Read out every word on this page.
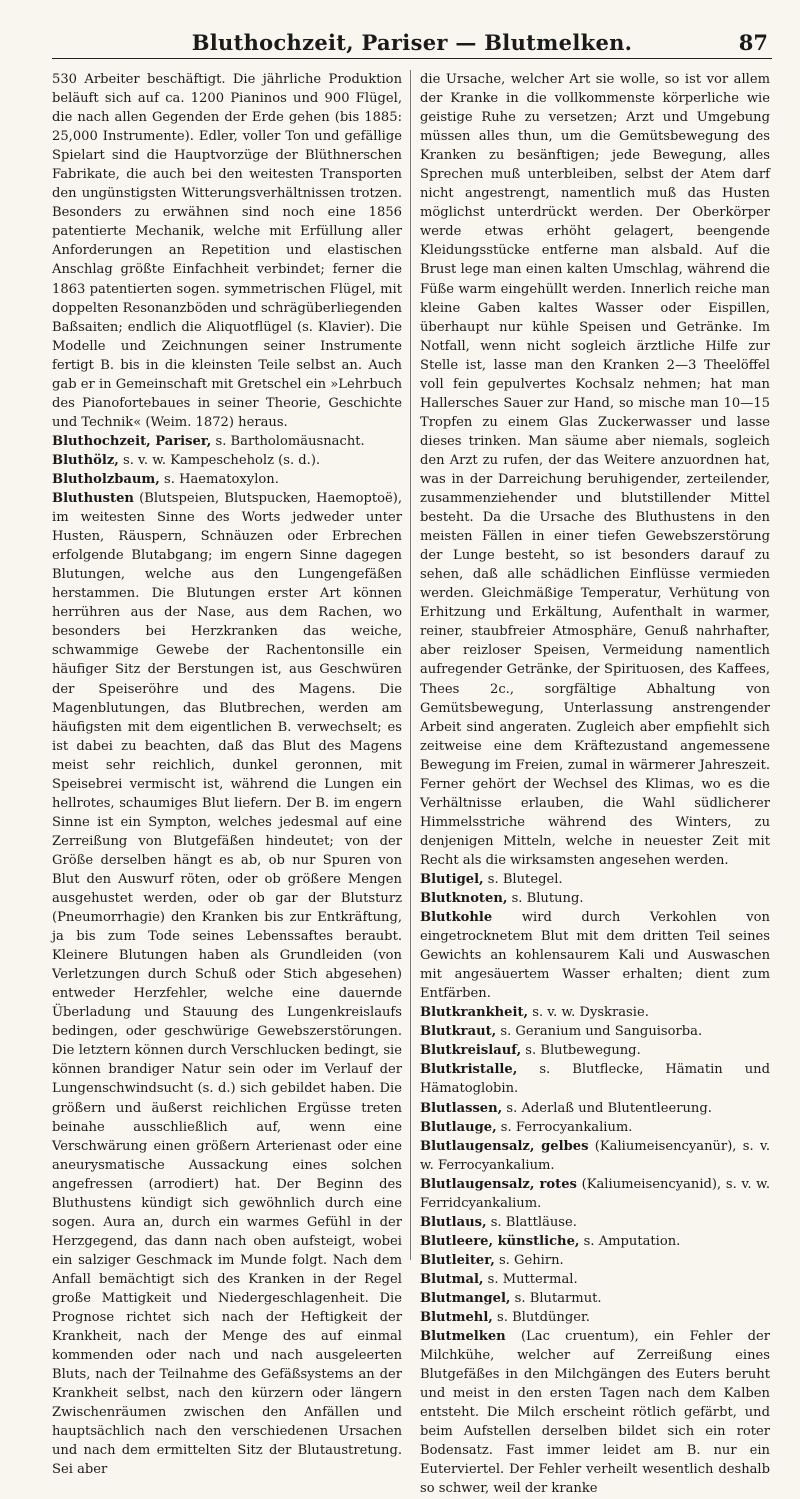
Bluthochzeit, Pariser — Blutmelken.	87

530 Arbeiter beschäftigt. Die jährliche Produktion beläuft sich auf ca. 1200 Pianinos und 900 Flügel, die nach allen Gegenden der Erde gehen (bis 1885: 25,000 Instrumente). Edler, voller Ton und gefällige Spielart sind die Hauptvorzüge der Blüthnerschen Fabrikate, die auch bei den weitesten Transporten den ungünstigsten Witterungsverhältnissen trotzen. Besonders zu erwähnen sind noch eine 1856 patentierte Mechanik, welche mit Erfüllung aller Anforderungen an Repetition und elastischen Anschlag größte Einfachheit verbindet; ferner die 1863 patentierten sogen. symmetrischen Flügel, mit doppelten Resonanzböden und schrägüberliegenden Baßsaiten; endlich die Aliquotflügel (s. Klavier). Die Modelle und Zeichnungen seiner Instrumente fertigt B. bis in die kleinsten Teile selbst an. Auch gab er in Gemeinschaft mit Gretschel ein »Lehrbuch des Pianofortebaues in seiner Theorie, Geschichte und Technik« (Weim. 1872) heraus.

Bluthochzeit, Pariser, s. Bartholomäusnacht.

Bluthölz, s. v. w. Kampescheholz (s. d.).

Blutholzbaum, s. Haematoxylon.

Bluthusten (Blutspeien, Blutspucken, Haemoptoë), im weitesten Sinne des Worts jedweder unter Husten, Räuspern, Schnäuzen oder Erbrechen erfolgende Blutabgang; im engern Sinne dagegen Blutungen, welche aus den Lungengefäßen herstammen. Die Blutungen erster Art können herrühren aus der Nase, aus dem Rachen, wo besonders bei Herzkranken das weiche, schwammige Gewebe der Rachentonsille ein häufiger Sitz der Berstungen ist, aus Geschwüren der Speiseröhre und des Magens. Die Magenblutungen, das Blutbrechen, werden am häufigsten mit dem eigentlichen B. verwechselt; es ist dabei zu beachten, daß das Blut des Magens meist sehr reichlich, dunkel geronnen, mit Speisebrei vermischt ist, während die Lungen ein hellrotes, schaumiges Blut liefern. Der B. im engern Sinne ist ein Sympton, welches jedesmal auf eine Zerreißung von Blutgefäßen hindeutet; von der Größe derselben hängt es ab, ob nur Spuren von Blut den Auswurf röten, oder ob größere Mengen ausgehustet werden, oder ob gar der Blutsturz (Pneumorrhagie) den Kranken bis zur Entkräftung, ja bis zum Tode seines Lebenssaftes beraubt. Kleinere Blutungen haben als Grundleiden (von Verletzungen durch Schuß oder Stich abgesehen) entweder Herzfehler, welche eine dauernde Überladung und Stauung des Lungenkreislaufs bedingen, oder geschwürige Gewebszerstörungen. Die letztern können durch Verschlucken bedingt, sie können brandiger Natur sein oder im Verlauf der Lungenschwindsucht (s. d.) sich gebildet haben. Die größern und äußerst reichlichen Ergüsse treten beinahe ausschließlich auf, wenn eine Verschwärung einen größern Arterienast oder eine aneurysmatische Aussackung eines solchen angefressen (arrodiert) hat. Der Beginn des Bluthustens kündigt sich gewöhnlich durch eine sogen. Aura an, durch ein warmes Gefühl in der Herzgegend, das dann nach oben aufsteigt, wobei ein salziger Geschmack im Munde folgt. Nach dem Anfall bemächtigt sich des Kranken in der Regel große Mattigkeit und Niedergeschlagenheit. Die Prognose richtet sich nach der Heftigkeit der Krankheit, nach der Menge des auf einmal kommenden oder nach und nach ausgeleerten Bluts, nach der Teilnahme des Gefäßsystems an der Krankheit selbst, nach den kürzern oder längern Zwischenräumen zwischen den Anfällen und hauptsächlich nach den verschiedenen Ursachen und nach dem ermittelten Sitz der Blutaustretung. Sei aber

die Ursache, welcher Art sie wolle, so ist vor allem der Kranke in die vollkommenste körperliche wie geistige Ruhe zu versetzen; Arzt und Umgebung müssen alles thun, um die Gemütsbewegung des Kranken zu besänftigen; jede Bewegung, alles Sprechen muß unterbleiben, selbst der Atem darf nicht angestrengt, namentlich muß das Husten möglichst unterdrückt werden. Der Oberkörper werde etwas erhöht gelagert, beengende Kleidungsstücke entferne man alsbald. Auf die Brust lege man einen kalten Umschlag, während die Füße warm eingehüllt werden. Innerlich reiche man kleine Gaben kaltes Wasser oder Eispillen, überhaupt nur kühle Speisen und Getränke. Im Notfall, wenn nicht sogleich ärztliche Hilfe zur Stelle ist, lasse man den Kranken 2—3 Theelöffel voll fein gepulvertes Kochsalz nehmen; hat man Hallersches Sauer zur Hand, so mische man 10—15 Tropfen zu einem Glas Zuckerwasser und lasse dieses trinken. Man säume aber niemals, sogleich den Arzt zu rufen, der das Weitere anzuordnen hat, was in der Darreichung beruhigender, zerteilender, zusammenziehender und blutstillender Mittel besteht. Da die Ursache des Bluthustens in den meisten Fällen in einer tiefen Gewebszerstörung der Lunge besteht, so ist besonders darauf zu sehen, daß alle schädlichen Einflüsse vermieden werden. Gleichmäßige Temperatur, Verhütung von Erhitzung und Erkältung, Aufenthalt in warmer, reiner, staubfreier Atmosphäre, Genuß nahrhafter, aber reizloser Speisen, Vermeidung namentlich aufregender Getränke, der Spirituosen, des Kaffees, Thees 2c., sorgfältige Abhaltung von Gemütsbewegung, Unterlassung anstrengender Arbeit sind angeraten. Zugleich aber empfiehlt sich zeitweise eine dem Kräftezustand angemessene Bewegung im Freien, zumal in wärmerer Jahreszeit. Ferner gehört der Wechsel des Klimas, wo es die Verhältnisse erlauben, die Wahl südlicherer Himmelsstriche während des Winters, zu denjenigen Mitteln, welche in neuester Zeit mit Recht als die wirksamsten angesehen werden.

Blutigel, s. Blutegel.

Blutknoten, s. Blutung.

Blutkohle wird durch Verkohlen von eingetrocknetem Blut mit dem dritten Teil seines Gewichts an kohlensaurem Kali und Auswaschen mit angesäuertem Wasser erhalten; dient zum Entfärben.

Blutkrankheit, s. v. w. Dyskrasie.

Blutkraut, s. Geranium und Sanguisorba.

Blutkreislauf, s. Blutbewegung.

Blutkristalle, s. Blutflecke, Hämatin und Hämatoglobin.

Blutlassen, s. Aderlaß und Blutentleerung.

Blutlauge, s. Ferrocyankalium.

Blutlaugensalz, gelbes (Kaliumeisencyanür), s. v. w. Ferrocyankalium.

Blutlaugensalz, rotes (Kaliumeisencyanid), s. v. w. Ferridcyankalium.

Blutlaus, s. Blattläuse.

Blutleere, künstliche, s. Amputation.

Blutleiter, s. Gehirn.

Blutmal, s. Muttermal.

Blutmangel, s. Blutarmut.

Blutmehl, s. Blutdünger.

Blutmelken (Lac cruentum), ein Fehler der Milchkühe, welcher auf Zerreißung eines Blutgefäßes in den Milchgängen des Euters beruht und meist in den ersten Tagen nach dem Kalben entsteht. Die Milch erscheint rötlich gefärbt, und beim Aufstellen derselben bildet sich ein roter Bodensatz. Fast immer leidet am B. nur ein Euterviertel. Der Fehler verheilt wesentlich deshalb so schwer, weil der kranke
